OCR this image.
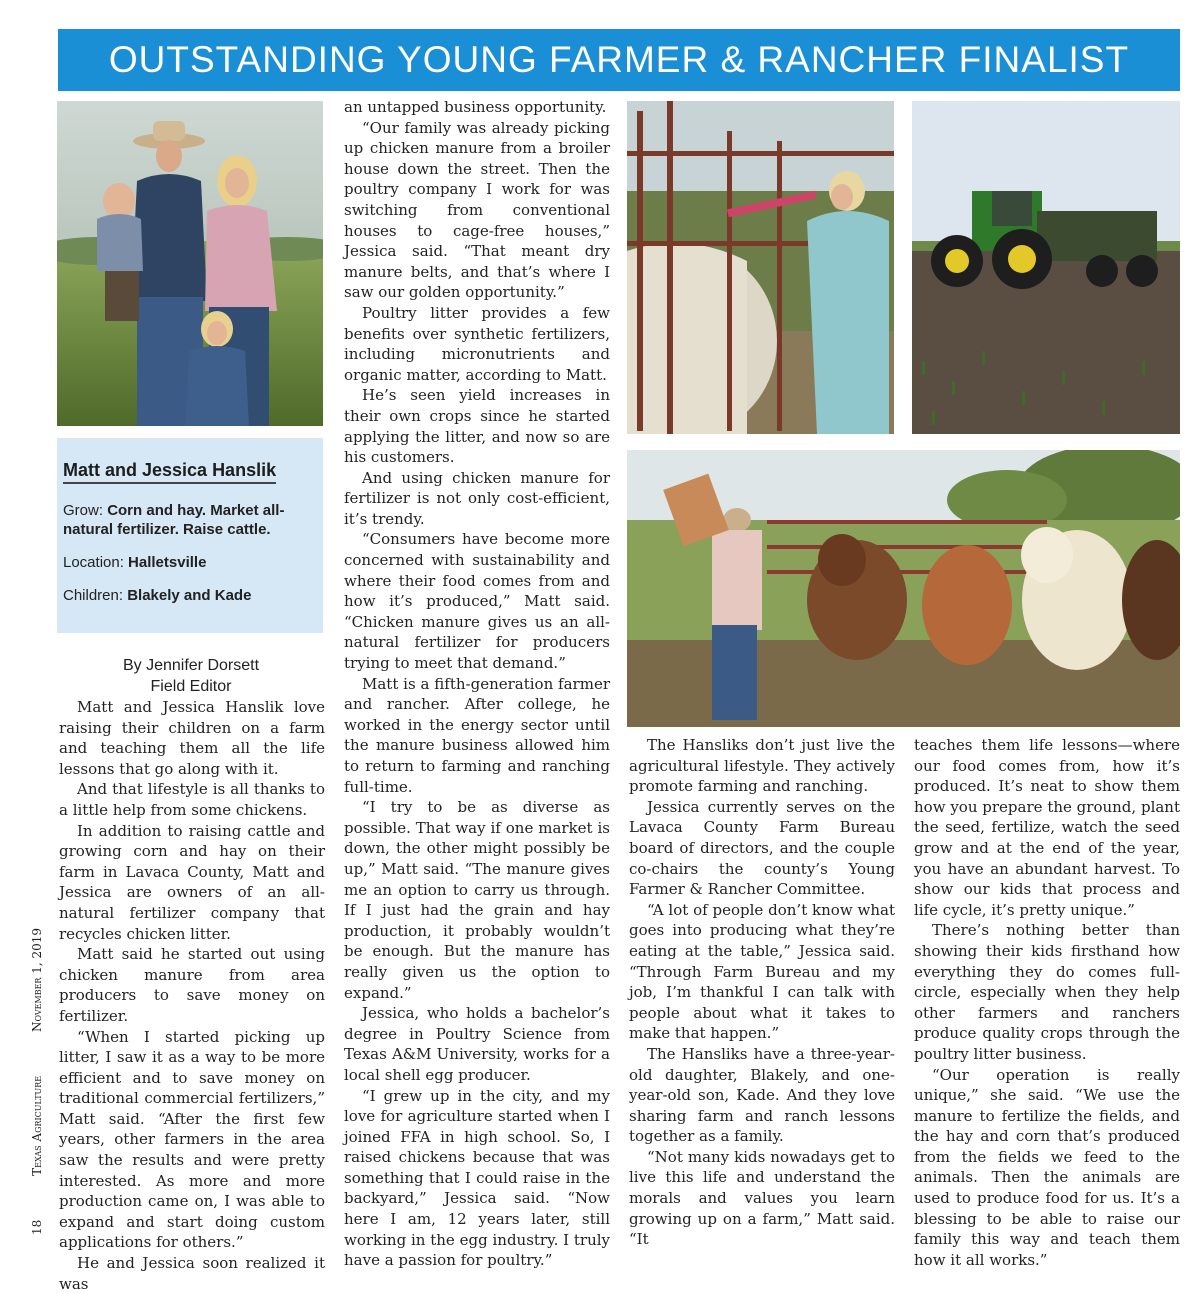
OUTSTANDING YOUNG FARMER & RANCHER FINALIST
Matt and Jessica Hanslik
Grow: Corn and hay. Market all-natural fertilizer. Raise cattle.
Location: Halletsville
Children: Blakely and Kade
By Jennifer Dorsett
Field Editor
18 Texas Agriculture November 1, 2019

Matt and Jessica Hanslik love raising their children on a farm and teaching them all the life lessons that go along with it.

And that lifestyle is all thanks to a little help from some chickens.

In addition to raising cattle and growing corn and hay on their farm in Lavaca County, Matt and Jessica are owners of an all-natural fertilizer company that recycles chicken litter.

Matt said he started out using chicken manure from area producers to save money on fertilizer.

“When I started picking up litter, I saw it as a way to be more efficient and to save money on traditional commercial fertilizers,” Matt said. “After the first few years, other farmers in the area saw the results and were pretty interested. As more and more production came on, I was able to expand and start doing custom applications for others.”

He and Jessica soon realized it was

an untapped business opportunity.

“Our family was already picking up chicken manure from a broiler house down the street. Then the poultry company I work for was switching from conventional houses to cage-free houses,” Jessica said. “That meant dry manure belts, and that’s where I saw our golden opportunity.”

Poultry litter provides a few benefits over synthetic fertilizers, including micronutrients and organic matter, according to Matt.

He’s seen yield increases in their own crops since he started applying the litter, and now so are his customers.

And using chicken manure for fertilizer is not only cost-efficient, it’s trendy.

“Consumers have become more concerned with sustainability and where their food comes from and how it’s produced,” Matt said. “Chicken manure gives us an all-natural fertilizer for producers trying to meet that demand.”

Matt is a fifth-generation farmer and rancher. After college, he worked in the energy sector until the manure business allowed him to return to farming and ranching full-time.

“I try to be as diverse as possible. That way if one market is down, the other might possibly be up,” Matt said. “The manure gives me an option to carry us through. If I just had the grain and hay production, it probably wouldn’t be enough. But the manure has really given us the option to expand.”

Jessica, who holds a bachelor’s degree in Poultry Science from Texas A&M University, works for a local shell egg producer.

“I grew up in the city, and my love for agriculture started when I joined FFA in high school. So, I raised chickens because that was something that I could raise in the backyard,” Jessica said. “Now here I am, 12 years later, still working in the egg industry. I truly have a passion for poultry.”

The Hansliks don’t just live the agricultural lifestyle. They actively promote farming and ranching.

Jessica currently serves on the Lavaca County Farm Bureau board of directors, and the couple co-chairs the county’s Young Farmer & Rancher Committee.

“A lot of people don’t know what goes into producing what they’re eating at the table,” Jessica said. “Through Farm Bureau and my job, I’m thankful I can talk with people about what it takes to make that happen.”

The Hansliks have a three-year-old daughter, Blakely, and one-year-old son, Kade. And they love sharing farm and ranch lessons together as a family.

“Not many kids nowadays get to live this life and understand the morals and values you learn growing up on a farm,” Matt said. “It

teaches them life lessons—where our food comes from, how it’s produced. It’s neat to show them how you prepare the ground, plant the seed, fertilize, watch the seed grow and at the end of the year, you have an abundant harvest. To show our kids that process and life cycle, it’s pretty unique.”

There’s nothing better than showing their kids firsthand how everything they do comes full-circle, especially when they help other farmers and ranchers produce quality crops through the poultry litter business.

“Our operation is really unique,” she said. “We use the manure to fertilize the fields, and the hay and corn that’s produced from the fields we feed to the animals. Then the animals are used to produce food for us. It’s a blessing to be able to raise our family this way and teach them how it all works.”
